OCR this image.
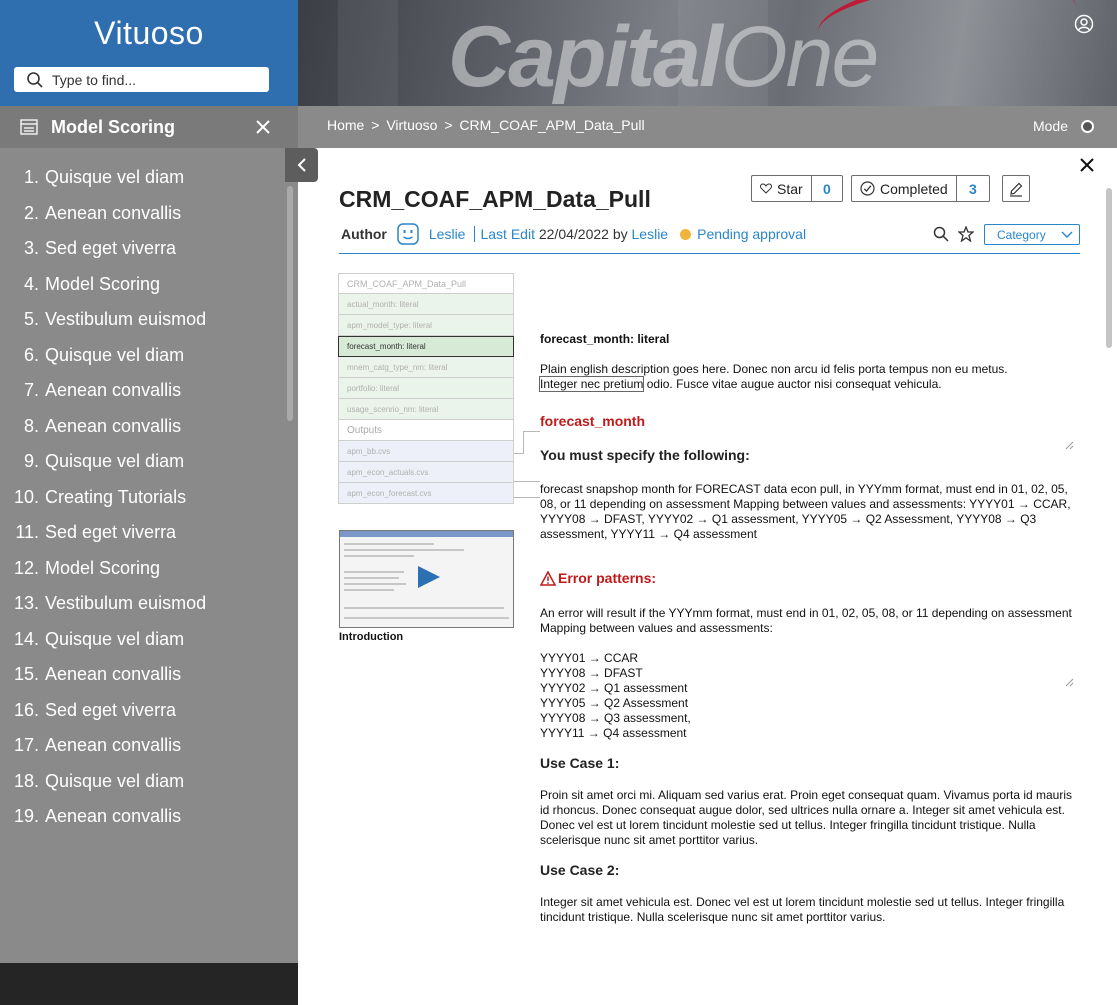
Vituoso
Type to find...	CapitalOne
Model Scoring
1. Quisque vel diam
2. Aenean convallis
3. Sed eget viverra
4. Model Scoring
5. Vestibulum euismod
6. Quisque vel diam
7. Aenean convallis
8. Aenean convallis
9. Quisque vel diam
10. Creating Tutorials
11. Sed eget viverra
12. Model Scoring
13. Vestibulum euismod
14. Quisque vel diam
15. Aenean convallis
16. Sed eget viverra
17. Aenean convallis
18. Quisque vel diam
19. Aenean convallis
Home > Virtuoso > CRM_COAF_APM_Data_Pull	Mode
CRM_COAF_APM_Data_Pull	Star	0	Completed	3
Author	Leslie Last Edit
22/04/2022
by
Leslie Pending approval	Category
CRM_COAF_APM_Data_Pull
actual_month: literal
apm_model_type: literal
forecast_month: literal
mnem_catg_type_nm: literal
portfolio: literal
usage_scenrio_nm: literal
Outputs
apm_bb.cvs
apm_econ_actuals.cvs
apm_econ_forecast.cvs
Introduction
forecast_month: literal
Plain english description goes here. Donec non arcu id felis porta tempus non eu metus.
Integer nec pretium odio. Fusce vitae augue auctor nisi consequat vehicula.
forecast_month
You must specify the following:
forecast snapshop month for FORECAST data econ pull, in YYYmm format, must end in 01, 02, 05, 08, or 11 depending on assessment Mapping between values and assessments: YYYY01 → CCAR, YYYY08 → DFAST, YYYY02 → Q1 assessment, YYYY05 → Q2 Assessment, YYYY08 → Q3 assessment, YYYY11 → Q4 assessment
Error patterns:
An error will result if the YYYmm format, must end in 01, 02, 05, 08, or 11 depending on assessment Mapping between values and assessments:
YYYY01 → CCAR
YYYY08 → DFAST
YYYY02 → Q1 assessment
YYYY05 → Q2 Assessment
YYYY08 → Q3 assessment,
YYYY11 → Q4 assessment
Use Case 1:
Proin sit amet orci mi. Aliquam sed varius erat. Proin eget consequat quam. Vivamus porta id mauris id rhoncus. Donec consequat augue dolor, sed ultrices nulla ornare a. Integer sit amet vehicula est. Donec vel est ut lorem tincidunt molestie sed ut tellus. Integer fringilla tincidunt tristique. Nulla scelerisque nunc sit amet porttitor varius.
Use Case 2:
Integer sit amet vehicula est. Donec vel est ut lorem tincidunt molestie sed ut tellus. Integer fringilla tincidunt tristique. Nulla scelerisque nunc sit amet porttitor varius.
